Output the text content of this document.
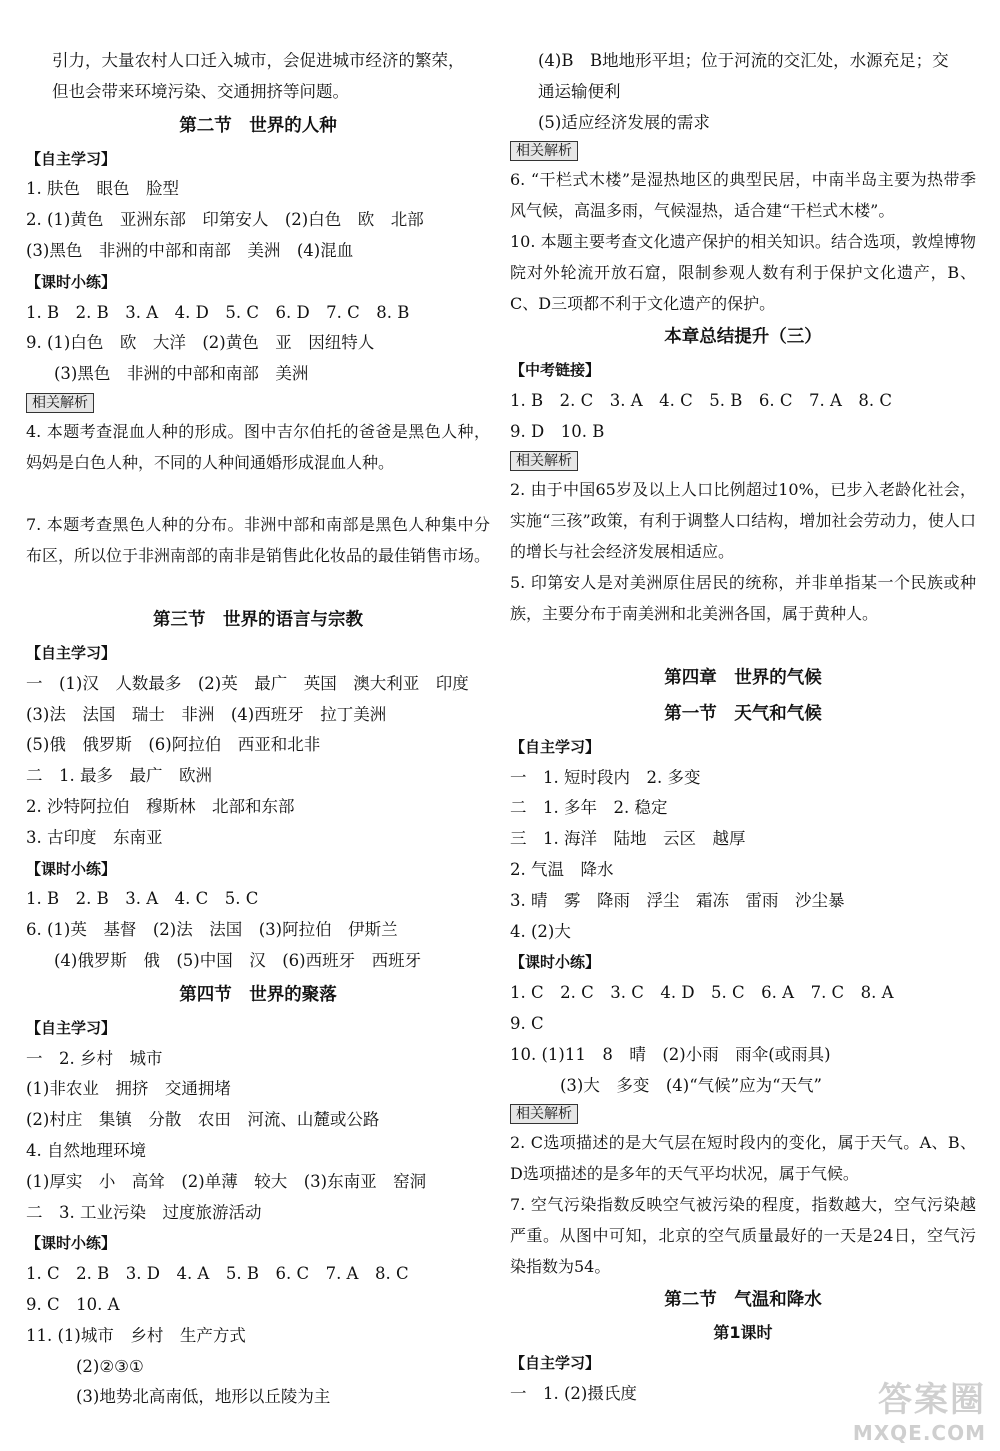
引力，大量农村人口迁入城市，会促进城市经济的繁荣，
但也会带来环境污染、交通拥挤等问题。
第二节　世界的人种
【自主学习】
1. 肤色　眼色　脸型
2. (1)黄色　亚洲东部　印第安人　(2)白色　欧　北部
(3)黑色　非洲的中部和南部　美洲　(4)混血
【课时小练】
1. B　2. B　3. A　4. D　5. C　6. D　7. C　8. B
9. (1)白色　欧　大洋　(2)黄色　亚　因纽特人
(3)黑色　非洲的中部和南部　美洲
相关解析
4. 本题考查混血人种的形成。图中吉尔伯托的爸爸是黑色人种，妈妈是白色人种，不同的人种间通婚形成混血人种。
7. 本题考查黑色人种的分布。非洲中部和南部是黑色人种集中分布区，所以位于非洲南部的南非是销售此化妆品的最佳销售市场。
第三节　世界的语言与宗教
【自主学习】
一　(1)汉　人数最多　(2)英　最广　英国　澳大利亚　印度
(3)法　法国　瑞士　非洲　(4)西班牙　拉丁美洲
(5)俄　俄罗斯　(6)阿拉伯　西亚和北非
二　1. 最多　最广　欧洲
2. 沙特阿拉伯　穆斯林　北部和东部
3. 古印度　东南亚
【课时小练】
1. B　2. B　3. A　4. C　5. C
6. (1)英　基督　(2)法　法国　(3)阿拉伯　伊斯兰
(4)俄罗斯　俄　(5)中国　汉　(6)西班牙　西班牙
第四节　世界的聚落
【自主学习】
一　2. 乡村　城市
(1)非农业　拥挤　交通拥堵
(2)村庄　集镇　分散　农田　河流、山麓或公路
4. 自然地理环境
(1)厚实　小　高耸　(2)单薄　较大　(3)东南亚　窑洞
二　3. 工业污染　过度旅游活动
【课时小练】
1. C　2. B　3. D　4. A　5. B　6. C　7. A　8. C
9. C　10. A
11. (1)城市　乡村　生产方式
(2)②③①
(3)地势北高南低，地形以丘陵为主
(4)B　B地地形平坦；位于河流的交汇处，水源充足；交
通运输便利
(5)适应经济发展的需求
相关解析
6. “干栏式木楼”是湿热地区的典型民居，中南半岛主要为热带季风气候，高温多雨，气候湿热，适合建“干栏式木楼”。
10. 本题主要考查文化遗产保护的相关知识。结合选项，敦煌博物院对外轮流开放石窟，限制参观人数有利于保护文化遗产，B、C、D三项都不利于文化遗产的保护。
本章总结提升（三）
【中考链接】
1. B　2. C　3. A　4. C　5. B　6. C　7. A　8. C
9. D　10. B
相关解析
2. 由于中国65岁及以上人口比例超过10%，已步入老龄化社会，实施“三孩”政策，有利于调整人口结构，增加社会劳动力，使人口的增长与社会经济发展相适应。
5. 印第安人是对美洲原住居民的统称，并非单指某一个民族或种族，主要分布于南美洲和北美洲各国，属于黄种人。
第四章　世界的气候
第一节　天气和气候
【自主学习】
一　1. 短时段内　2. 多变
二　1. 多年　2. 稳定
三　1. 海洋　陆地　云区　越厚
2. 气温　降水
3. 晴　雾　降雨　浮尘　霜冻　雷雨　沙尘暴
4. (2)大
【课时小练】
1. C　2. C　3. C　4. D　5. C　6. A　7. C　8. A
9. C
10. (1)11　8　晴　(2)小雨　雨伞(或雨具)
(3)大　多变　(4)“气候”应为“天气”
相关解析
2. C选项描述的是大气层在短时段内的变化，属于天气。A、B、D选项描述的是多年的天气平均状况，属于气候。
7. 空气污染指数反映空气被污染的程度，指数越大，空气污染越严重。从图中可知，北京的空气质量最好的一天是24日，空气污染指数为54。
第二节　气温和降水
第1课时
【自主学习】
一　1. (2)摄氏度	答案圈
MXQE.COM
